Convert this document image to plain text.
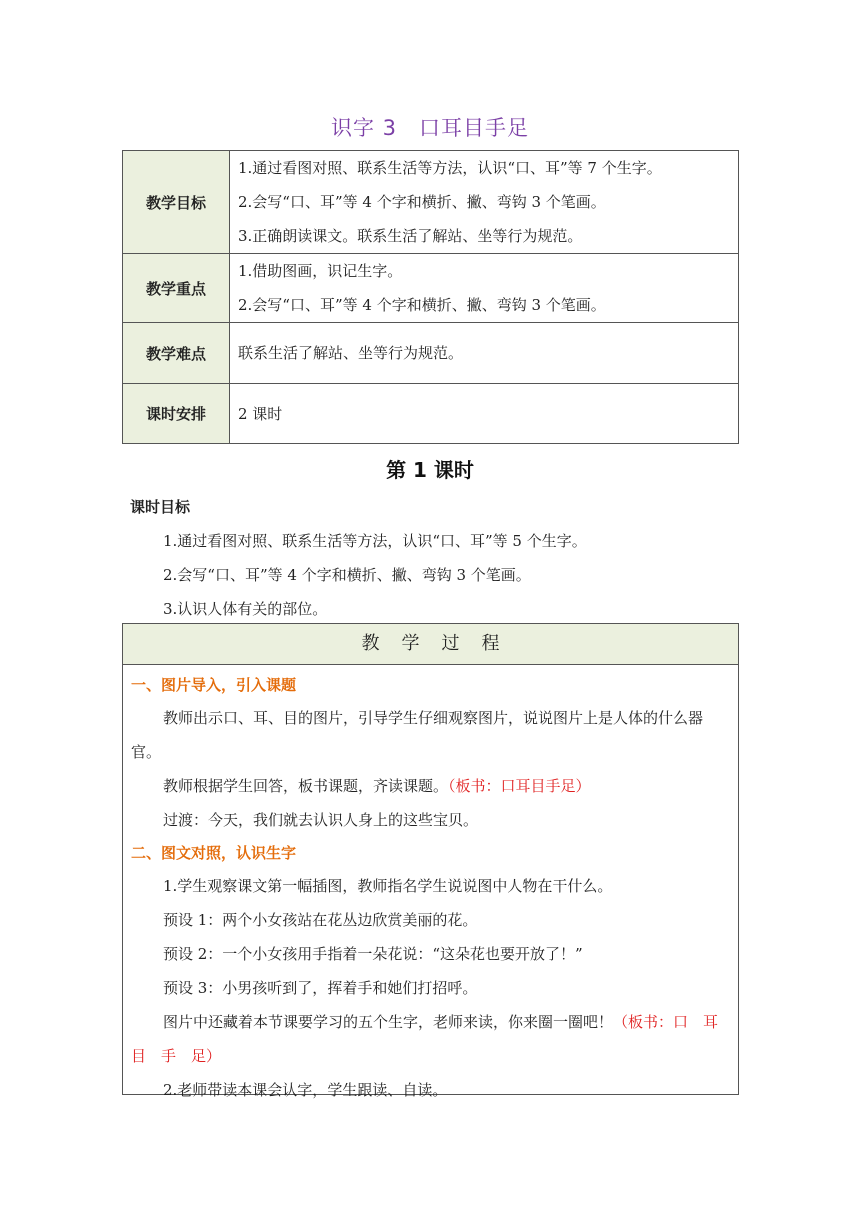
识字 3　口耳目手足
教学目标	1.通过看图对照、联系生活等方法，认识“口、耳”等 7 个生字。
2.会写“口、耳”等 4 个字和横折、撇、弯钩 3 个笔画。
3.正确朗读课文。联系生活了解站、坐等行为规范。

教学重点	1.借助图画，识记生字。
2.会写“口、耳”等 4 个字和横折、撇、弯钩 3 个笔画。

教学难点	联系生活了解站、坐等行为规范。

课时安排	2 课时
第 1 课时
课时目标
1.通过看图对照、联系生活等方法，认识“口、耳”等 5 个生字。
2.会写“口、耳”等 4 个字和横折、撇、弯钩 3 个笔画。
3.认识人体有关的部位。
教学过程
一、图片导入，引入课题
教师出示口、耳、目的图片，引导学生仔细观察图片，说说图片上是人体的什么器官。
教师根据学生回答，板书课题，齐读课题。（板书：口耳目手足）
过渡：今天，我们就去认识人身上的这些宝贝。
二、图文对照，认识生字
1.学生观察课文第一幅插图，教师指名学生说说图中人物在干什么。
预设 1：两个小女孩站在花丛边欣赏美丽的花。
预设 2：一个小女孩用手指着一朵花说：“这朵花也要开放了！”
预设 3：小男孩听到了，挥着手和她们打招呼。
图片中还藏着本节课要学习的五个生字，老师来读，你来圈一圈吧！（板书：口　耳　目　手　足）
2.老师带读本课会认字，学生跟读、自读。
